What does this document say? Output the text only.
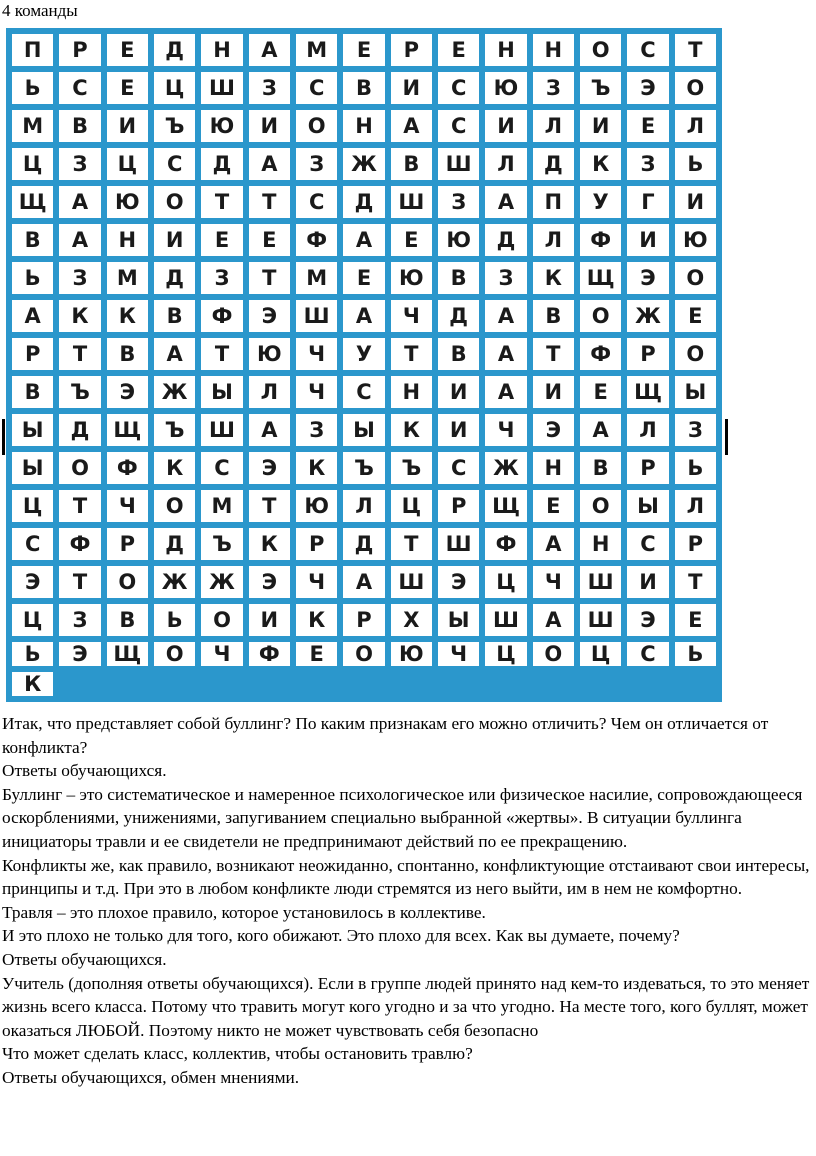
4 команды
П	Р	Е	Д	Н	А	М	Е	Р	Е	Н	Н	О	С	Т
Ь	С	Е	Ц	Ш	З	С	В	И	С	Ю	З	Ъ	Э	О
М	В	И	Ъ	Ю	И	О	Н	А	С	И	Л	И	Е	Л
Ц	З	Ц	С	Д	А	З	Ж	В	Ш	Л	Д	К	З	Ь
Щ	А	Ю	О	Т	Т	С	Д	Ш	З	А	П	У	Г	И
В	А	Н	И	Е	Е	Ф	А	Е	Ю	Д	Л	Ф	И	Ю
Ь	З	М	Д	З	Т	М	Е	Ю	В	З	К	Щ	Э	О
А	К	К	В	Ф	Э	Ш	А	Ч	Д	А	В	О	Ж	Е
Р	Т	В	А	Т	Ю	Ч	У	Т	В	А	Т	Ф	Р	О
В	Ъ	Э	Ж	Ы	Л	Ч	С	Н	И	А	И	Е	Щ	Ы
Ы	Д	Щ	Ъ	Ш	А	З	Ы	К	И	Ч	Э	А	Л	З
Ы	О	Ф	К	С	Э	К	Ъ	Ъ	С	Ж	Н	В	Р	Ь
Ц	Т	Ч	О	М	Т	Ю	Л	Ц	Р	Щ	Е	О	Ы	Л
С	Ф	Р	Д	Ъ	К	Р	Д	Т	Ш	Ф	А	Н	С	Р
Э	Т	О	Ж	Ж	Э	Ч	А	Ш	Э	Ц	Ч	Ш	И	Т
Ц	З	В	Ь	О	И	К	Р	Х	Ы	Ш	А	Ш	Э	Е
Ь	Э	Щ	О	Ч	Ф	Е	О	Ю	Ч	Ц	О	Ц	С	Ь
К

Итак, что представляет собой буллинг? По каким признакам его можно отличить? Чем он отличается от конфликта?

Ответы обучающихся.

Буллинг – это систематическое и намеренное психологическое или физическое насилие, сопровождающееся оскорблениями, унижениями, запугиванием специально выбранной «жертвы». В ситуации буллинга инициаторы травли и ее свидетели не предпринимают действий по ее прекращению.

Конфликты же, как правило, возникают неожиданно, спонтанно, конфликтующие отстаивают свои интересы, принципы и т.д. При это в любом конфликте люди стремятся из него выйти, им в нем не комфортно.

Травля – это плохое правило, которое установилось в коллективе.

И это плохо не только для того, кого обижают. Это плохо для всех. Как вы думаете, почему?

Ответы обучающихся.

Учитель (дополняя ответы обучающихся). Если в группе людей принято над кем-то издеваться, то это меняет жизнь всего класса. Потому что травить могут кого угодно и за что угодно. На месте того, кого буллят, может оказаться ЛЮБОЙ. Поэтому никто не может чувствовать себя безопасно

Что может сделать класс, коллектив, чтобы остановить травлю?

Ответы обучающихся, обмен мнениями.
